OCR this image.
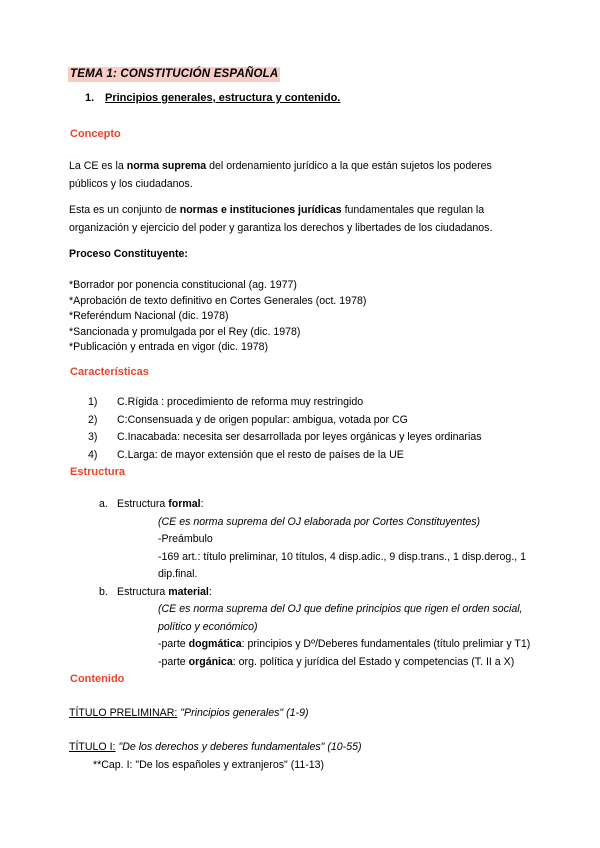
TEMA 1: CONSTITUCIÓN ESPAÑOLA
1. Principios generales, estructura y contenido.
Concepto
La CE es la norma suprema del ordenamiento jurídico a la que están sujetos los poderes públicos y los ciudadanos.
Esta es un conjunto de normas e instituciones jurídicas fundamentales que regulan la organización y ejercicio del poder y garantiza los derechos y libertades de los ciudadanos.
Proceso Constituyente:
*Borrador por ponencia constitucional (ag. 1977)
*Aprobación de texto definitivo en Cortes Generales (oct. 1978)
*Referéndum Nacional (dic. 1978)
*Sancionada y promulgada por el Rey (dic. 1978)
*Publicación y entrada en vigor (dic. 1978)
Características
1) C.Rígida : procedimiento de reforma muy restringido
2) C:Consensuada y de origen popular: ambigua, votada por CG
3) C.Inacabada: necesita ser desarrollada por leyes orgánicas y leyes ordinarias
4) C.Larga: de mayor extensión que el resto de países de la UE
Estructura
a. Estructura formal:
(CE es norma suprema del OJ elaborada por Cortes Constituyentes)
-Preámbulo
-169 art.: título preliminar, 10 títulos, 4 disp.adic., 9 disp.trans., 1 disp.derog., 1 dip.final.
b. Estructura material:
(CE es norma suprema del OJ que define principios que rigen el orden social, político y económico)
-parte dogmática: principios y Dº/Deberes fundamentales (título prelimiar y T1)
-parte orgánica: org. política y jurídica del Estado y competencias (T. II a X)
Contenido
TÍTULO PRELIMINAR: "Principios generales" (1-9)
TÍTULO I: "De los derechos y deberes fundamentales" (10-55)
**Cap. I: "De los españoles y extranjeros" (11-13)
